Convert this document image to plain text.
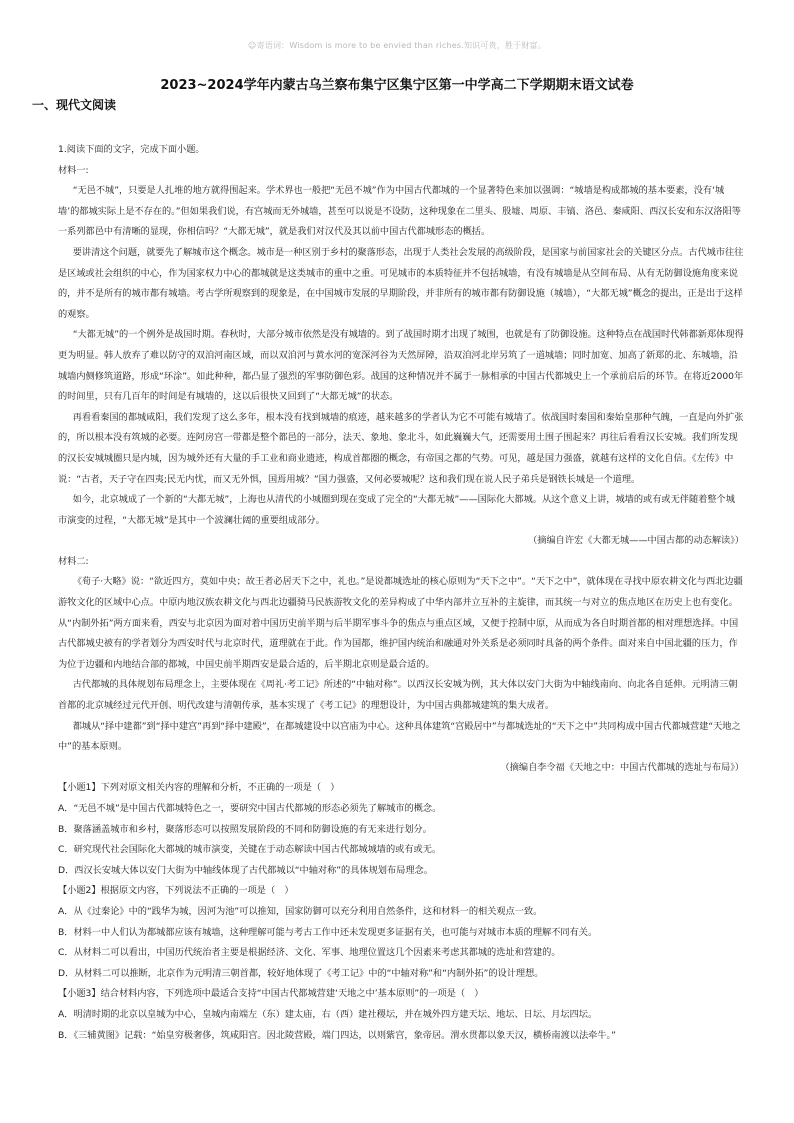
☺寄语词：Wisdom is more to be envied than riches.知识可贵，胜于财富。
2023~2024学年内蒙古乌兰察布集宁区集宁区第一中学高二下学期期末语文试卷
一、现代文阅读

1.阅读下面的文字，完成下面小题。

材料一:

“无邑不城”，只要是人扎堆的地方就得围起来。学术界也一般把“无邑不城”作为中国古代都城的一个显著特色来加以强调：“城墙是构成都城的基本要素，没有‘城墙’的都城实际上是不存在的。”但如果我们说，有宫城而无外城墙，甚至可以说是不设防，这种现象在二里头、殷墟、周原、丰镐、洛邑、秦咸阳、西汉长安和东汉洛阳等一系列都邑中有清晰的显现，你相信吗？“大都无城”，就是我们对汉代及其以前中国古代都城形态的概括。

要讲清这个问题，就要先了解城市这个概念。城市是一种区别于乡村的聚落形态，出现于人类社会发展的高级阶段，是国家与前国家社会的关键区分点。古代城市往往是区域或社会组织的中心，作为国家权力中心的都城就是这类城市的重中之重。可见城市的本质特征并不包括城墙，有没有城墙是从空间布局、从有无防御设施角度来说的，并不是所有的城市都有城墙。考古学所观察到的现象是，在中国城市发展的早期阶段，并非所有的城市都有防御设施（城墙），“大都无城”概念的提出，正是出于这样的观察。

“大都无城”的一个例外是战国时期。春秋时，大部分城市依然是没有城墙的。到了战国时期才出现了城围，也就是有了防御设施。这种特点在战国时代韩都新郑体现得更为明显。韩人放弃了难以防守的双洎河南区域，而以双洎河与黄水河的宽深河谷为天然屏障，沿双洎河北岸另筑了一道城墙；同时加宽、加高了新郑的北、东城墙，沿城墙内侧修筑道路，形成“环涂”。如此种种，都凸显了强烈的军事防御色彩。战国的这种情况并不属于一脉相承的中国古代都城史上一个承前启后的环节。在将近2000年的时间里，只有几百年的时间是有城墙的，这以后很快又回到了“大都无城”的状态。

再看看秦国的都城咸阳，我们发现了这么多年，根本没有找到城墙的痕迹，越来越多的学者认为它不可能有城墙了。依战国时秦国和秦始皇那种气魄，一直是向外扩张的，所以根本没有筑城的必要。连阿房宫一带都是整个都邑的一部分，法天、象地、象北斗，如此巍巍大气，还需要用土围子围起来？再往后看看汉长安城。我们所发现的汉长安城城圈只是内城，因为城外还有大量的手工业和商业遗迹，构成首都圈的概念，有帝国之都的气势。可见，越是国力强盛，就越有这样的文化自信。《左传》中说：“古者，天子守在四夷;民无内忧，而又无外惧，国焉用城？”国力强盛，又何必要城呢？这和我们现在说人民子弟兵是钢铁长城是一个道理。

如今，北京城成了一个新的“大都无城”，上海也从清代的小城圈到现在变成了完全的“大都无城”——国际化大都城。从这个意义上讲，城墙的或有或无伴随着整个城市演变的过程，“大都无城”是其中一个波澜壮阔的重要组成部分。

（摘编自许宏《大都无城——中国古都的动态解读》）

材料二:

《荀子·大略》说：“欲近四方，莫如中央；故王者必居天下之中，礼也。”是说都城选址的核心原则为“天下之中”。“天下之中”，就体现在寻找中原农耕文化与西北边疆游牧文化的区域中心点。中原内地汉族农耕文化与西北边疆骑马民族游牧文化的差异构成了中华内部并立互补的主旋律，而其统一与对立的焦点地区在历史上也有变化。从“内制外拓”两方面来看，西安与北京因为面对着中国历史前半期与后半期军事斗争的焦点与重点区域，又便于控制中原，从而成为各自时期首都的相对理想选择。中国古代都城史被有的学者划分为西安时代与北京时代，道理就在于此。作为国都，维护国内统治和融通对外关系是必须同时具备的两个条件。面对来自中国北疆的压力，作为位于边疆和内地结合部的都城，中国史前半期西安是最合适的，后半期北京则是最合适的。

古代都城的具体规划布局理念上，主要体现在《周礼·考工记》所述的“中轴对称”。以西汉长安城为例，其大体以安门大街为中轴线南向、向北各自延伸。元明清三朝首都的北京城经过元代开创、明代改建与清朝传承，基本实现了《考工记》的理想设计，为中国古典都城建筑的集大成者。

都城从“择中建都”到“择中建宫”再到“择中建殿”，在都城建设中以宫庙为中心。这种具体建筑“宫殿居中”与都城选址的“天下之中”共同构成中国古代都城营建“天地之中”的基本原则。

（摘编自李令福《天地之中：中国古代都城的选址与布局》）

【小题1】下列对原文相关内容的理解和分析，不正确的一项是（　）

A．“无邑不城”是中国古代都城特色之一，要研究中国古代都城的形态必须先了解城市的概念。

B．聚落涵盖城市和乡村，聚落形态可以按照发展阶段的不同和防御设施的有无来进行划分。

C．研究现代社会国际化大都城的城市演变，关键在于动态解读中国古代都城城墙的或有或无。

D．西汉长安城大体以安门大街为中轴线体现了古代都城以“中轴对称”的具体规划布局理念。

【小题2】根据原文内容，下列说法不正确的一项是（　）

A．从《过秦论》中的“践华为城，因河为池”可以推知，国家防御可以充分利用自然条件，这和材料一的相关观点一致。

B．材料一中人们认为都城都应该有城墙，这种理解可能与考古工作中还未发现更多证据有关，也可能与对城市本质的理解不同有关。

C．从材料二可以看出，中国历代统治者主要是根据经济、文化、军事、地理位置这几个因素来考虑其都城的选址和营建的。

D．从材料二可以推断，北京作为元明清三朝首都，较好地体现了《考工记》中的“中轴对称”和“内制外拓”的设计理想。

【小题3】结合材料内容，下列选项中最适合支持“中国古代都城营建‘天地之中’基本原则”的一项是（　）

A．明清时期的北京以皇城为中心，皇城内南端左（东）建太庙，右（西）建社稷坛，并在城外四方建天坛、地坛、日坛、月坛四坛。

B．《三辅黄图》记载：“始皇穷极奢侈，筑咸阳宫。因北陵营殿，端门四达，以则紫宫，象帝居。渭水贯都以象天汉，横桥南渡以法牵牛。”
